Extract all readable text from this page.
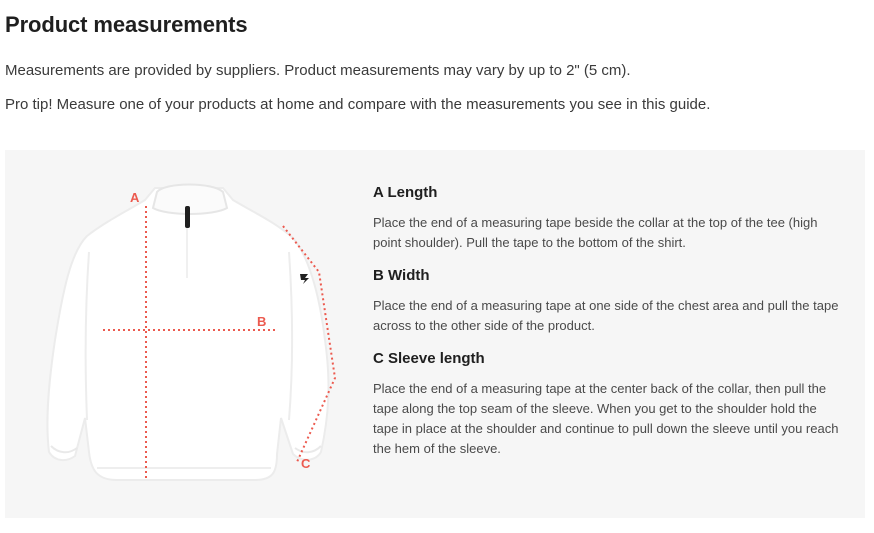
Product measurements

Measurements are provided by suppliers. Product measurements may vary by up to 2" (5 cm).

Pro tip! Measure one of your products at home and compare with the measurements you see in this guide.

A
B
C
A Length

Place the end of a measuring tape beside the collar at the top of the tee (high point shoulder). Pull the tape to the bottom of the shirt.

B Width

Place the end of a measuring tape at one side of the chest area and pull the tape across to the other side of the product.

C Sleeve length

Place the end of a measuring tape at the center back of the collar, then pull the tape along the top seam of the sleeve. When you get to the shoulder hold the tape in place at the shoulder and continue to pull down the sleeve until you reach the hem of the sleeve.
